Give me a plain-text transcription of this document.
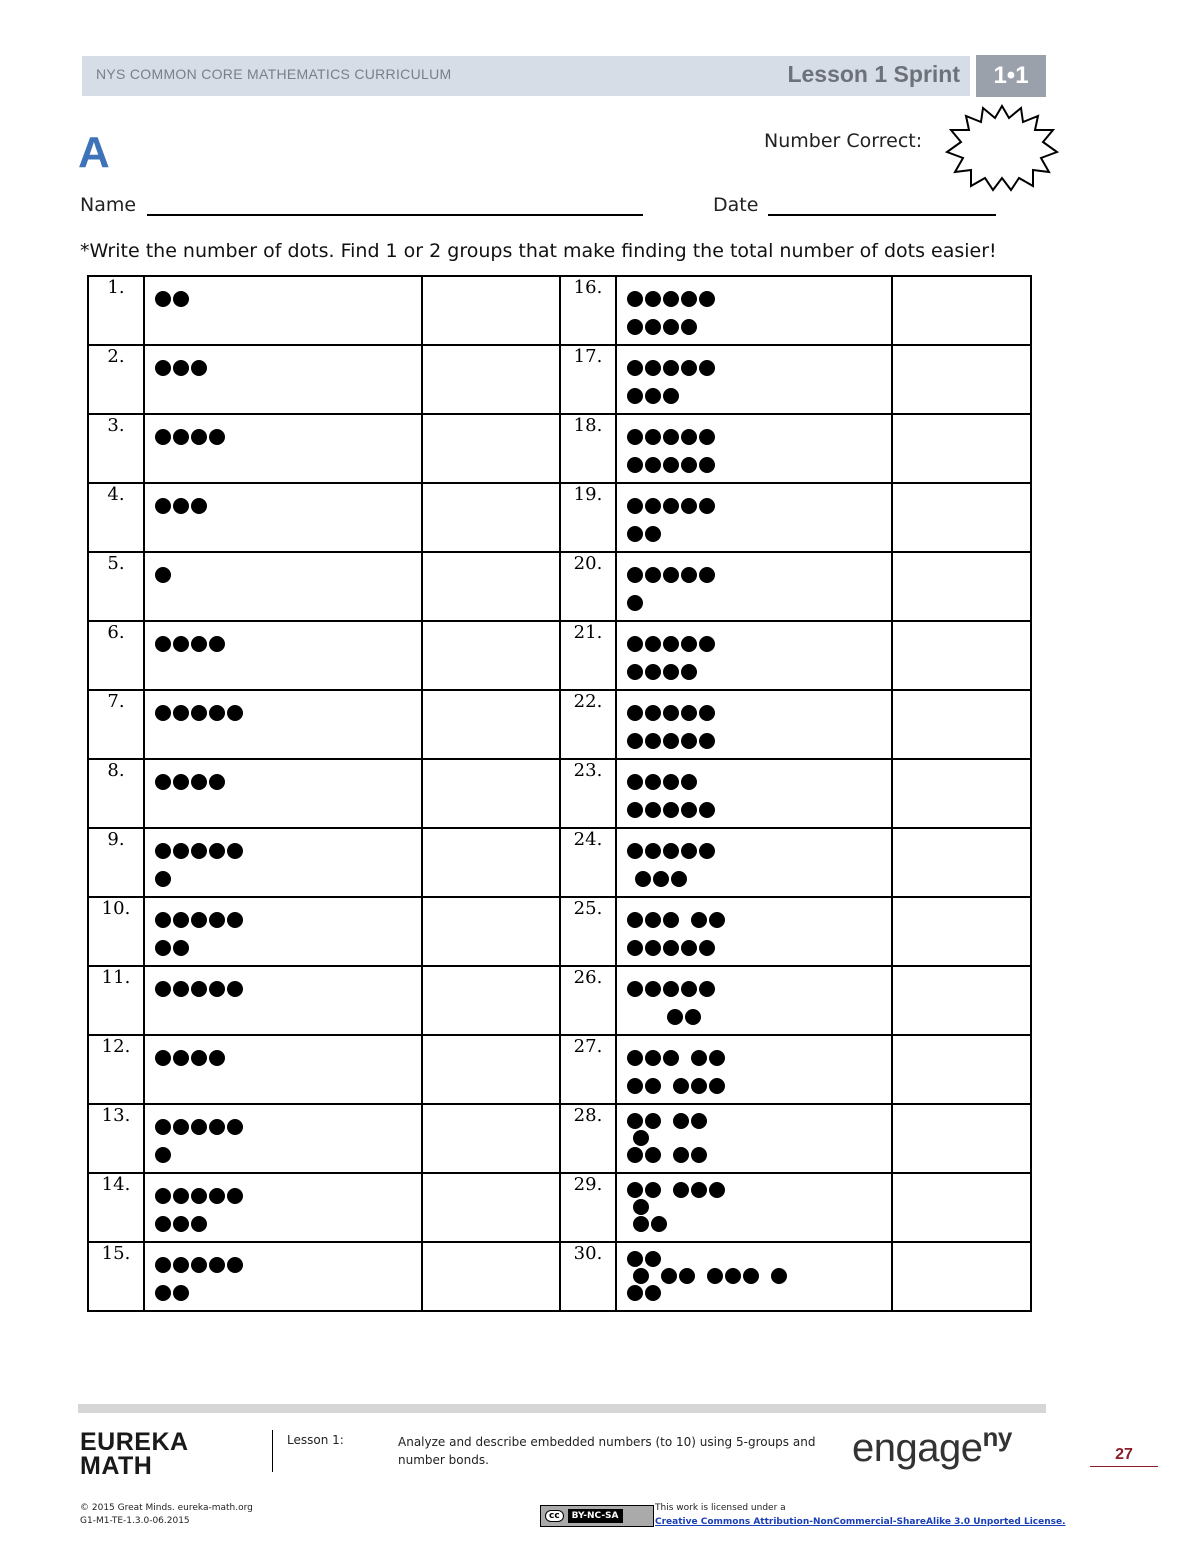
NYS COMMON CORE MATHEMATICS CURRICULUM	Lesson 1 Sprint	1•1
A	Number Correct:
Name	Date
*Write the number of dots. Find 1 or 2 groups that make finding the total number of dots easier!
1.			16.	

2.			17.	

3.			18.	

4.			19.	

5.			20.	

6.			21.	

7.			22.	

8.			23.	

9.			24.	

10.			25.	

11.			26.	

12.			27.	

13.			28.	

14.			29.	

15.			30.	

EUREKA
MATH
Lesson 1:	Analyze and describe embedded numbers (to 10) using 5-groups and number bonds.	engage$^{ny}$
27
© 2015 Great Minds. eureka-math.org
G1-M1-TE-1.3.0-06.2015	cc	BY-NC-SA
This work is licensed under a
Creative Commons Attribution-NonCommercial-ShareAlike 3.0 Unported License.
